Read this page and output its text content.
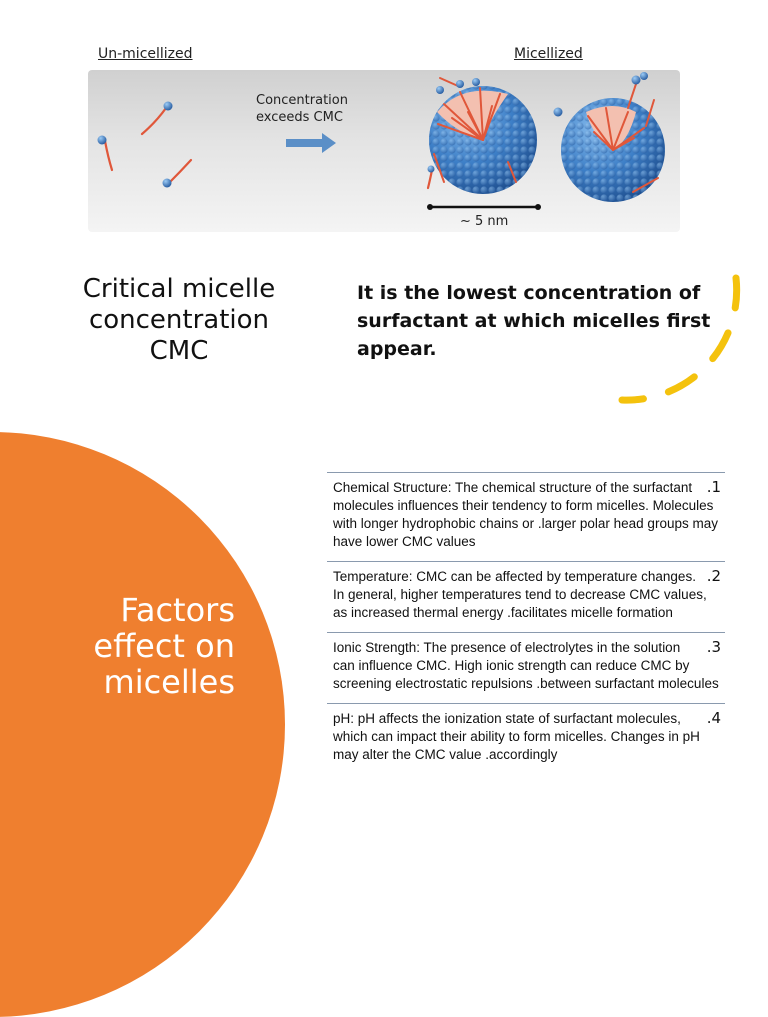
Un-micellized	Micellized
Concentration exceeds CMC
~ 5 nm
Critical micelle
concentration
CMC
It is the lowest concentration of surfactant at which micelles first appear.
Factors effect on micelles
.1
Chemical Structure: The chemical structure of the surfactant molecules influences their tendency to form micelles. Molecules with longer hydrophobic chains or .larger polar head groups may have lower CMC values
.2
Temperature: CMC can be affected by temperature changes. In general, higher temperatures tend to decrease CMC values, as increased thermal energy .facilitates micelle formation
.3
Ionic Strength: The presence of electrolytes in the solution can influence CMC. High ionic strength can reduce CMC by screening electrostatic repulsions .between surfactant molecules
.4
pH: pH affects the ionization state of surfactant molecules, which can impact their ability to form micelles. Changes in pH may alter the CMC value .accordingly
